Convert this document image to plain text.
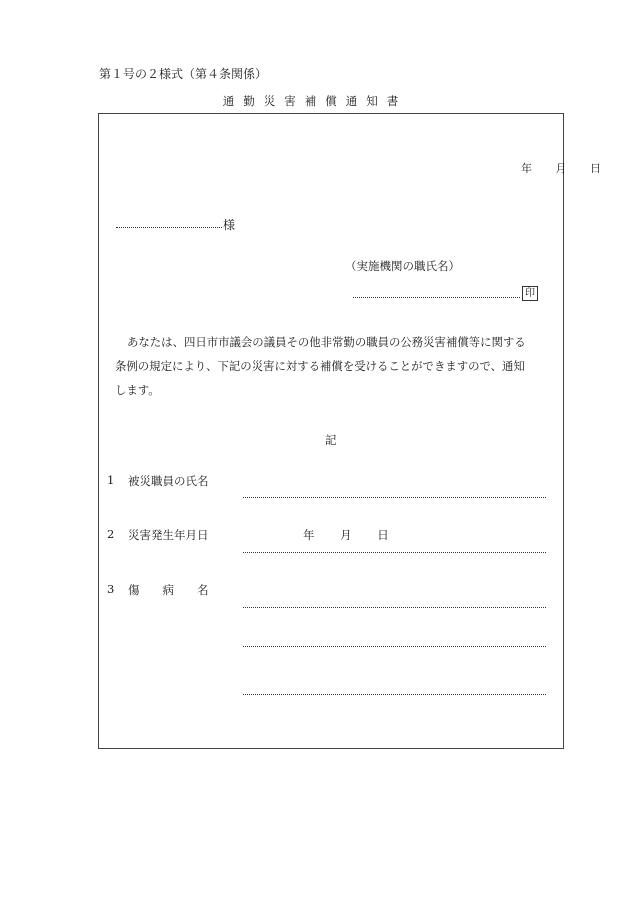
第１号の２様式（第４条関係）
通勤災害補償通知書
年 月 日
様
（実施機関の職氏名）
印
あなたは、四日市市議会の議員その他非常勤の職員の公務災害補償等に関する
条例の規定により、下記の災害に対する補償を受けることができますので、通知
します。
記
1 被災職員の氏名
2 災害発生年月日	年 月 日
3 傷　　病　　名
